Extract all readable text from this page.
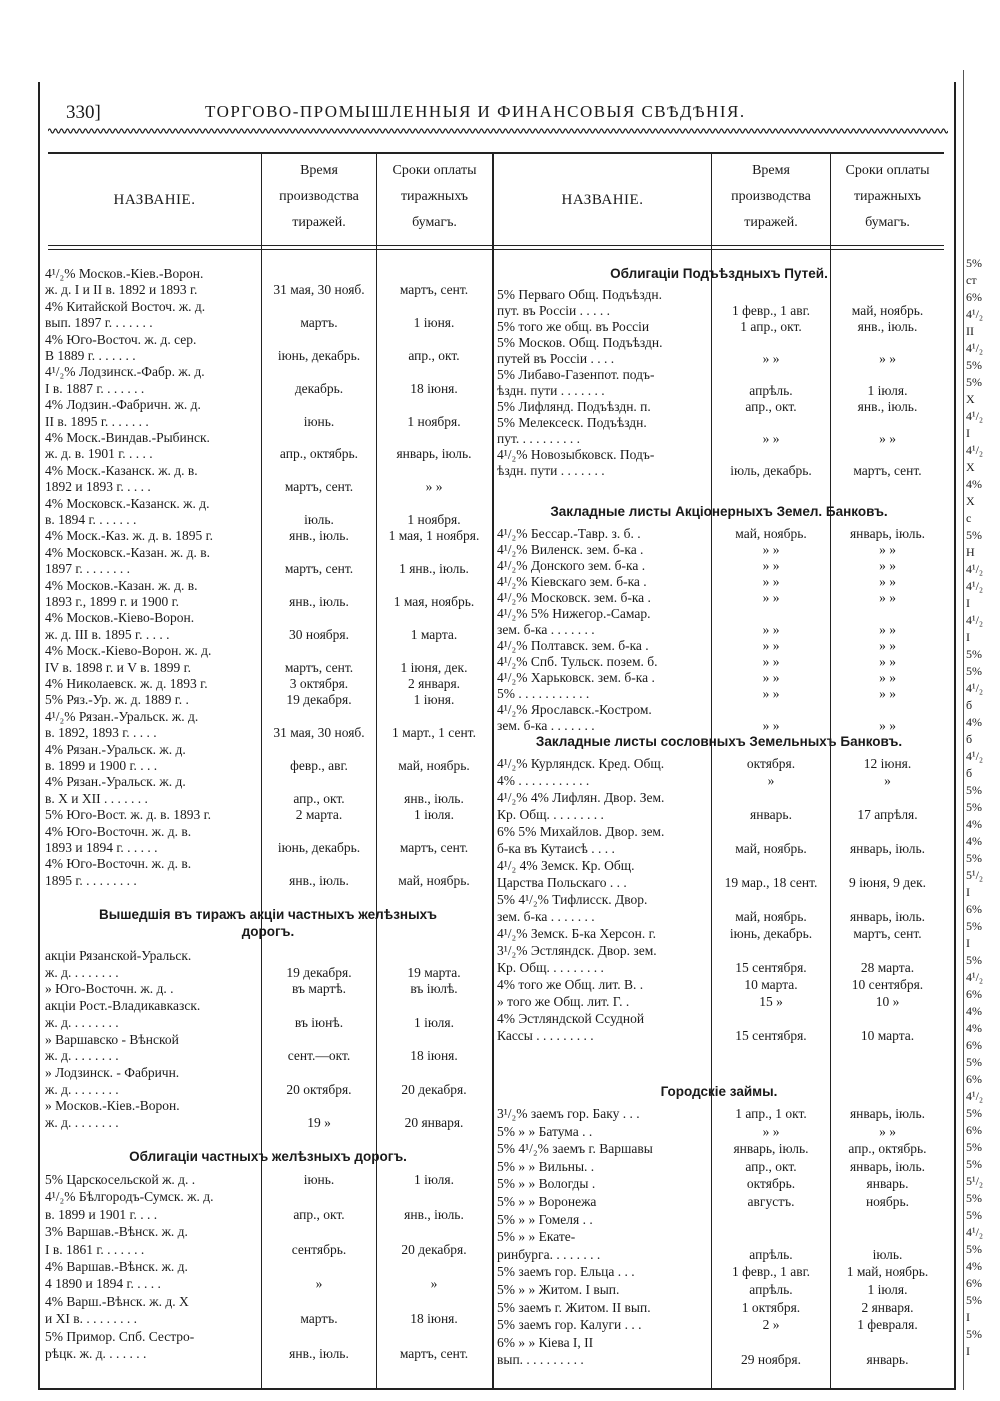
330]	ТОРГОВО-ПРОМЫШЛЕННЫЯ И ФИНАНСОВЫЯ СВѢДѢНІЯ.
НАЗВАНІЕ.
Время
производства
тиражей.
Сроки оплаты
тиражныхъ
бумагъ.
НАЗВАНІЕ.
Время
производства
тиражей.
Сроки оплаты
тиражныхъ
бумагъ.
Вышедшія въ тиражъ акціи частныхъ желѣзныхъ
дорогъ.
Облигаціи частныхъ желѣзныхъ дорогъ.
Облигаціи Подъѣздныхъ Путей.
Закладные листы Акціонерныхъ Земел. Банковъ.
Закладные листы сословныхъ Земельныхъ Банковъ.
Городскіе займы.
4¹/₂% Москов.-Кіев.-Ворон.
ж. д. I и II в. 1892 и 1893 г.	31 мая, 30 нояб.	мартъ, сент.
4% Китайской Восточ. ж. д.
вып. 1897 г. . . . . . .	мартъ.	1 іюня.
4% Юго-Восточ. ж. д. сер.
В 1889 г. . . . . . .	іюнь, декабрь.	апр., окт.
4¹/₂% Лодзинск.-Фабр. ж. д.
I в. 1887 г. . . . . . .	декабрь.	18 іюня.
4% Лодзин.-Фабричн. ж. д.
II в. 1895 г. . . . . . .	іюнь.	1 ноября.
4% Моск.-Виндав.-Рыбинск.
ж. д. в. 1901 г. . . . .	апр., октябрь.	январь, іюль.
4% Моск.-Казанск. ж. д. в.
1892 и 1893 г. . . . .	мартъ, сент.	» »
4% Московск.-Казанск. ж. д.
в. 1894 г. . . . . . .	іюль.	1 ноября.
4% Моск.-Каз. ж. д. в. 1895 г.	янв., іюль.	1 мая, 1 ноября.
4% Московск.-Казан. ж. д. в.
1897 г. . . . . . . .	мартъ, сент.	1 янв., іюль.
4% Москов.-Казан. ж. д. в.
1893 г., 1899 г. и 1900 г.	янв., іюль.	1 мая, ноябрь.
4% Москов.-Кіево-Ворон.
ж. д. III в. 1895 г. . . . .	30 ноября.	1 марта.
4% Моск.-Кіево-Ворон. ж. д.
IV в. 1898 г. и V в. 1899 г.	мартъ, сент.	1 іюня, дек.
4% Николаевск. ж. д. 1893 г.	3 октября.	2 января.
5% Ряз.-Ур. ж. д. 1889 г. .	19 декабря.	1 іюня.
4¹/₂% Рязан.-Уральск. ж. д.
в. 1892, 1893 г. . . . .	31 мая, 30 нояб.	1 март., 1 сент.
4% Рязан.-Уральск. ж. д.
в. 1899 и 1900 г. . . .	февр., авг.	май, ноябрь.
4% Рязан.-Уральск. ж. д.
в. X и XII . . . . . . .	апр., окт.	янв., іюль.
5% Юго-Вост. ж. д. в. 1893 г.	2 марта.	1 іюля.
4% Юго-Восточн. ж. д. в.
1893 и 1894 г. . . . . .	іюнь, декабрь.	мартъ, сент.
4% Юго-Восточн. ж. д. в.
1895 г. . . . . . . . .	янв., іюль.	май, ноябрь.
акціи Рязанской-Уральск.
ж. д. . . . . . . .	19 декабря.	19 марта.
» Юго-Восточн. ж. д. .	въ мартѣ.	въ іюлѣ.
акціи Рост.-Владикавказск.
ж. д. . . . . . . .	въ іюнѣ.	1 іюля.
» Варшавско - Вѣнской
ж. д. . . . . . . .	сент.—окт.	18 іюня.
» Лодзинск. - Фабричн.
ж. д. . . . . . . .	20 октября.	20 декабря.
» Москов.-Кіев.-Ворон.
ж. д. . . . . . . .	19 »	20 января.
5% Царскосельской ж. д. .	іюнь.	1 іюля.
4¹/₂% Бѣлгородъ-Сумск. ж. д.
в. 1899 и 1901 г. . . .	апр., окт.	янв., іюль.
3% Варшав.-Вѣнск. ж. д.
I в. 1861 г. . . . . . .	сентябрь.	20 декабря.
4% Варшав.-Вѣнск. ж. д.
4 1890 и 1894 г. . . . .	»	»
4% Варш.-Вѣнск. ж. д. X
и XI в. . . . . . . . .	мартъ.	18 іюня.
5% Примор. Спб. Сестро-
рѣцк. ж. д. . . . . . .	янв., іюль.	мартъ, сент.
5% Перваго Общ. Подъѣздн.
пут. въ Россіи . . . . .	1 февр., 1 авг.	май, ноябрь.
5% того же общ. въ Россіи	1 апр., окт.	янв., іюль.
5% Москов. Общ. Подъѣздн.
путей въ Россіи . . . .	» »	» »
5% Либаво-Газенпот. подъ-
ѣздн. пути . . . . . . .	апрѣль.	1 іюля.
5% Лифлянд. Подъѣздн. п.	апр., окт.	янв., іюль.
5% Мелексеск. Подъѣздн.
пут. . . . . . . . . .	» »	» »
4¹/₂% Новозыбковск. Подъ-
ѣздн. пути . . . . . . .	іюль, декабрь.	мартъ, сент.
4¹/₂% Бессар.-Тавр. з. б. .	май, ноябрь.	январь, іюль.
4¹/₂% Виленск. зем. б-ка .	» »	» »
4¹/₂% Донского зем. б-ка .	» »	» »
4¹/₂% Кіевскаго зем. б-ка .	» »	» »
4¹/₂% Московск. зем. б-ка .	» »	» »
4¹/₂% 5% Нижегор.-Самар.
зем. б-ка . . . . . . .	» »	» »
4¹/₂% Полтавск. зем. б-ка .	» »	» »
4¹/₂% Спб. Тульск. позем. б.	» »	» »
4¹/₂% Харьковск. зем. б-ка .	» »	» »
5% . . . . . . . . . . .	» »	» »
4¹/₂% Ярославск.-Костром.
зем. б-ка . . . . . . .	» »	» »
4¹/₂% Курляндск. Кред. Общ.	октября.	12 іюня.
4% . . . . . . . . . . .	»	»
4¹/₂% 4% Лифлян. Двор. Зем.
Кр. Общ. . . . . . . . .	январь.	17 апрѣля.
6% 5% Михайлов. Двор. зем.
б-ка въ Кутаисѣ . . . .	май, ноябрь.	январь, іюль.
4¹/₂ 4% Земск. Кр. Общ.
Царства Польскаго . . .	19 мар., 18 сент.	9 іюня, 9 дек.
5% 4¹/₂% Тифлисск. Двор.
зем. б-ка . . . . . . .	май, ноябрь.	январь, іюль.
4¹/₂% Земск. Б-ка Херсон. г.	іюнь, декабрь.	мартъ, сент.
3¹/₂% Эстляндск. Двор. зем.
Кр. Общ. . . . . . . . .	15 сентября.	28 марта.
4% того же Общ. лит. В. .	10 марта.	10 сентября.
» того же Общ. лит. Г. .	15 »	10 »
4% Эстляндской Ссудной
Кассы . . . . . . . . .	15 сентября.	10 марта.
3¹/₂% заемъ гор. Баку . . .	1 апр., 1 окт.	январь, іюль.
5% » » Батума . .	» »	» »
5% 4¹/₂% заемъ г. Варшавы	январь, іюль.	апр., октябрь.
5% » » Вильны. .	апр., окт.	январь, іюль.
5% » » Вологды .	октябрь.	январь.
5% » » Воронежа	августъ.	ноябрь.
5% » » Гомеля . .
5% » » Екате-
ринбурга. . . . . . . .	апрѣль.	іюль.
5% заемъ гор. Ельца . . .	1 февр., 1 авг.	1 май, ноябрь.
5% » » Житом. I вып.	апрѣль.	1 іюля.
5% заемъ г. Житом. II вып.	1 октября.	2 января.
5% заемъ гор. Калуги . . .	2 »	1 февраля.
6% » » Кіева I, II
вып. . . . . . . . . .	29 ноября.	январь.
5%
ст
6%
4¹/₂
II
4¹/₂
5%
5%
Х
4¹/₂
I
4¹/₂
Х
4%
Х
с
5%
Н
4¹/₂
4¹/₂
I
4¹/₂
I
5%
5%
4¹/₂
б
4%
б
4¹/₂
б
5%
5%
4%
4%
5%
5¹/₂
I
6%
5%
I
5%
4¹/₂
6%
4%
4%
6%
5%
6%
4¹/₂
5%
6%
5%
5%
5¹/₂
5%
5%
4¹/₂
5%
4%
6%
5%
I
5%
I
